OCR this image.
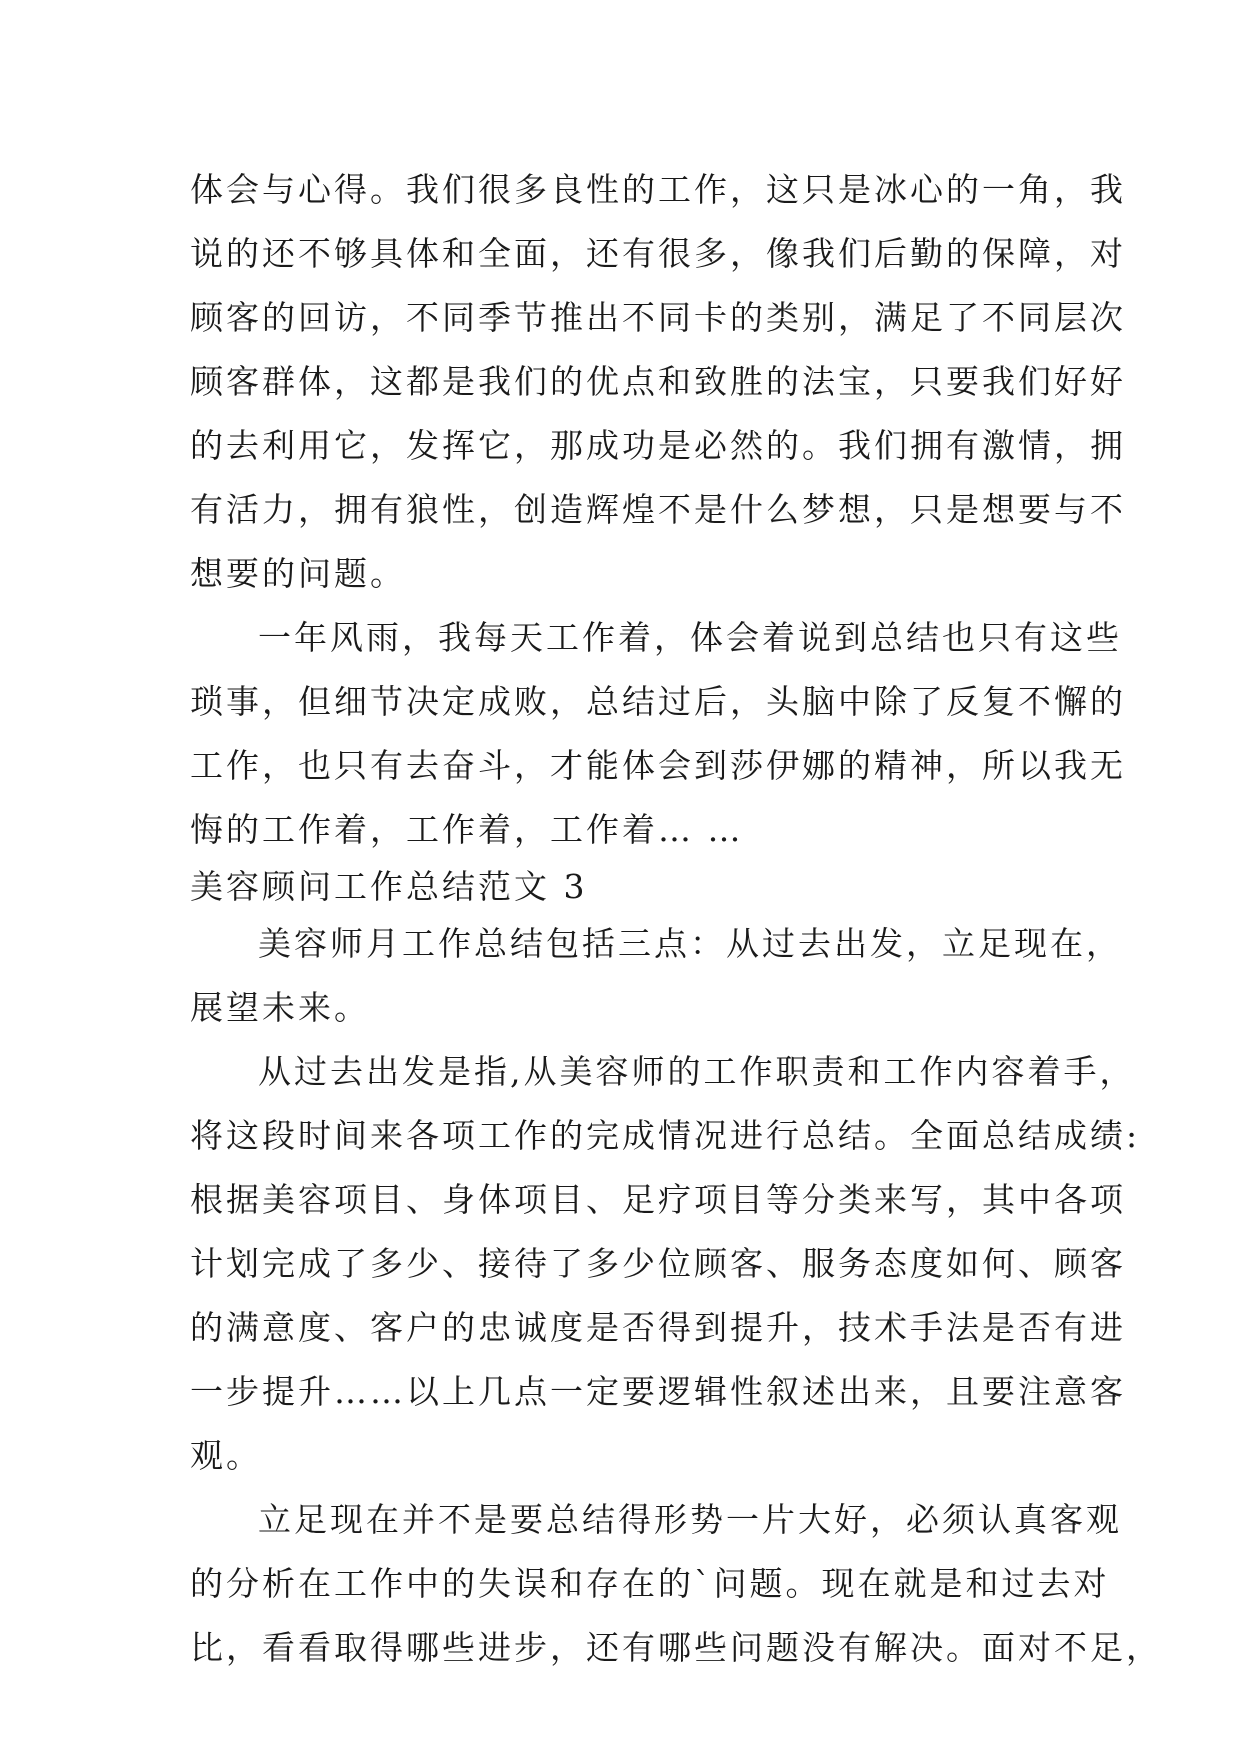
体会与心得。我们很多良性的工作，这只是冰心的一角，我
说的还不够具体和全面，还有很多，像我们后勤的保障，对
顾客的回访，不同季节推出不同卡的类别，满足了不同层次
顾客群体，这都是我们的优点和致胜的法宝，只要我们好好
的去利用它，发挥它，那成功是必然的。我们拥有激情，拥
有活力，拥有狼性，创造辉煌不是什么梦想，只是想要与不
想要的问题。
一年风雨，我每天工作着，体会着说到总结也只有这些
琐事，但细节决定成败，总结过后，头脑中除了反复不懈的
工作，也只有去奋斗，才能体会到莎伊娜的精神，所以我无
悔的工作着，工作着，工作着… …
美容顾问工作总结范文 3
美容师月工作总结包括三点：从过去出发，立足现在，
展望未来。
从过去出发是指,从美容师的工作职责和工作内容着手，
将这段时间来各项工作的完成情况进行总结。全面总结成绩:
根据美容项目、身体项目、足疗项目等分类来写，其中各项
计划完成了多少、接待了多少位顾客、服务态度如何、顾客
的满意度、客户的忠诚度是否得到提升，技术手法是否有进
一步提升……以上几点一定要逻辑性叙述出来，且要注意客
观。
立足现在并不是要总结得形势一片大好，必须认真客观
的分析在工作中的失误和存在的`问题。现在就是和过去对
比，看看取得哪些进步，还有哪些问题没有解决。面对不足，
